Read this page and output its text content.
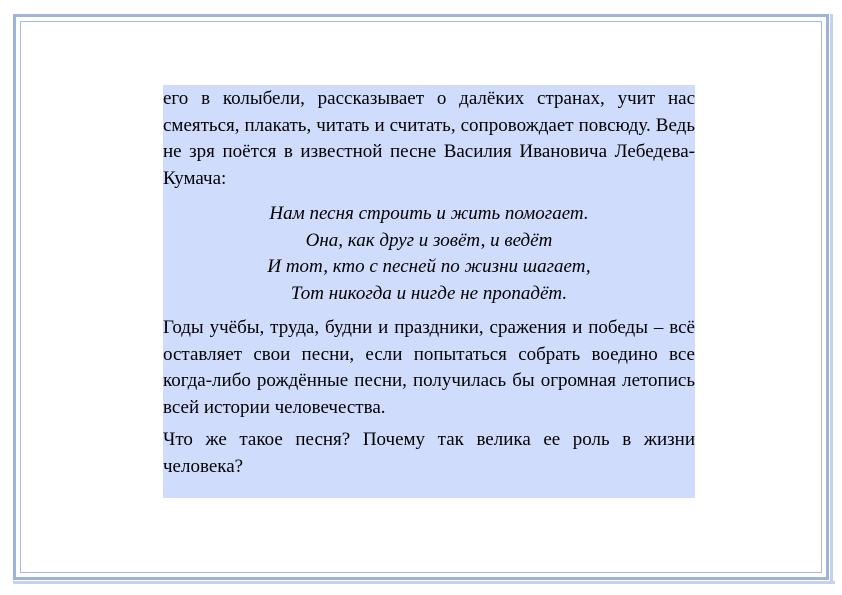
его в колыбели, рассказывает о далёких странах, учит нас смеяться, плакать, читать и считать, сопровождает повсюду. Ведь не зря поётся в известной песне Василия Ивановича Лебедева-Кумача:

Нам песня строить и жить помогает.
Она, как друг и зовёт, и ведёт
И тот, кто с песней по жизни шагает,
Тот никогда и нигде не пропадёт.

Годы учёбы, труда, будни и праздники, сражения и победы – всё оставляет свои песни, если попытаться собрать воедино все когда-либо рождённые песни, получилась бы огромная летопись всей истории человечества.

Что же такое песня? Почему так велика ее роль в жизни человека?
